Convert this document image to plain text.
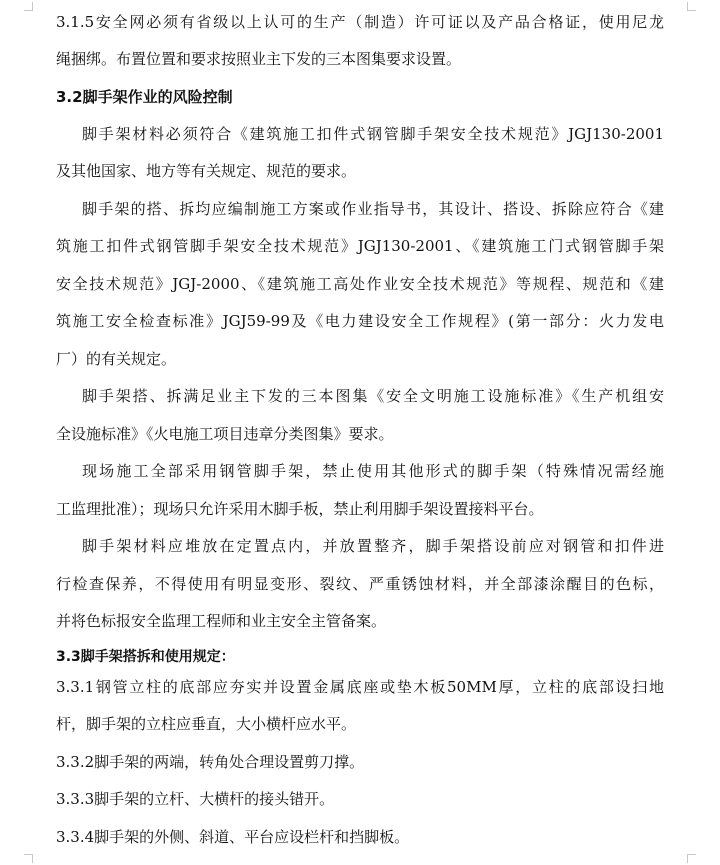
3.1.5安全网必须有省级以上认可的生产（制造）许可证以及产品合格证，使用尼龙
绳捆绑。布置位置和要求按照业主下发的三本图集要求设置。
3.2脚手架作业的风险控制
脚手架材料必须符合《建筑施工扣件式钢管脚手架安全技术规范》JGJ130-2001
及其他国家、地方等有关规定、规范的要求。
脚手架的搭、拆均应编制施工方案或作业指导书，其设计、搭设、拆除应符合《建
筑施工扣件式钢管脚手架安全技术规范》JGJ130-2001、《建筑施工门式钢管脚手架
安全技术规范》JGJ-2000、《建筑施工高处作业安全技术规范》等规程、规范和《建
筑施工安全检查标准》JGJ59-99及《电力建设安全工作规程》(第一部分：火力发电
厂）的有关规定。
脚手架搭、拆满足业主下发的三本图集《安全文明施工设施标准》《生产机组安
全设施标准》《火电施工项目违章分类图集》要求。
现场施工全部采用钢管脚手架，禁止使用其他形式的脚手架（特殊情况需经施
工监理批准）；现场只允许采用木脚手板，禁止利用脚手架设置接料平台。
脚手架材料应堆放在定置点内，并放置整齐，脚手架搭设前应对钢管和扣件进
行检查保养，不得使用有明显变形、裂纹、严重锈蚀材料，并全部漆涂醒目的色标，
并将色标报安全监理工程师和业主安全主管备案。
3.3脚手架搭拆和使用规定：
3.3.1钢管立柱的底部应夯实并设置金属底座或垫木板50MM厚，立柱的底部设扫地
杆，脚手架的立柱应垂直，大小横杆应水平。
3.3.2脚手架的两端，转角处合理设置剪刀撑。
3.3.3脚手架的立杆、大横杆的接头错开。
3.3.4脚手架的外侧、斜道、平台应设栏杆和挡脚板。
